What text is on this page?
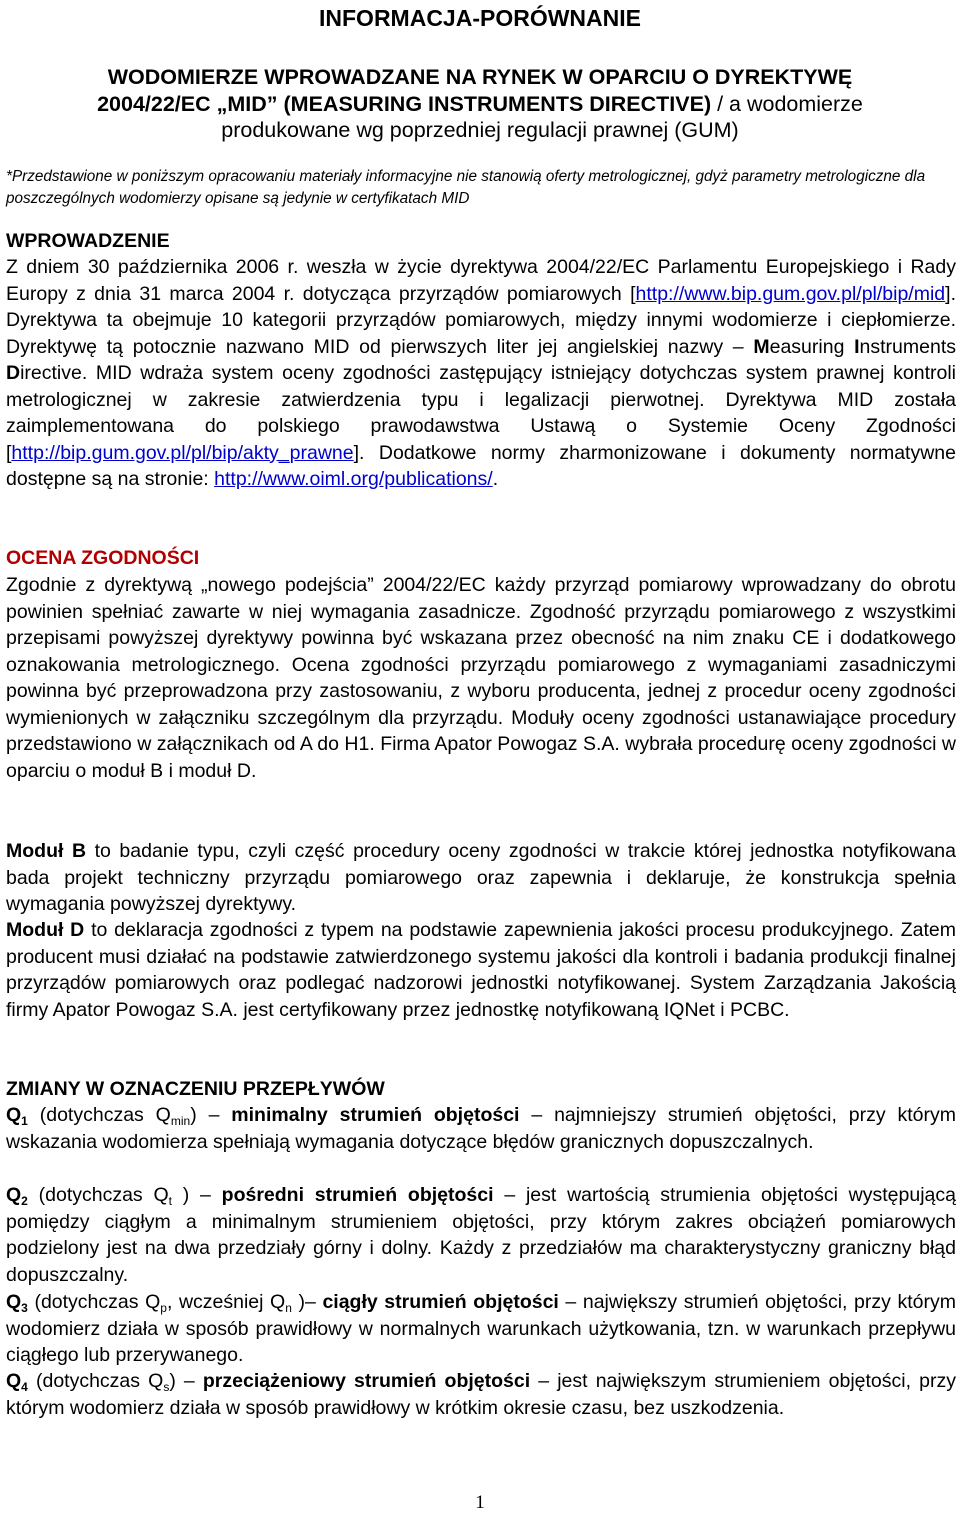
INFORMACJA-PORÓWNANIE
WODOMIERZE WPROWADZANE NA RYNEK W OPARCIU O DYREKTYWĘ
2004/22/EC „MID” (MEASURING INSTRUMENTS DIRECTIVE) / a wodomierze
produkowane wg poprzedniej regulacji prawnej (GUM)
*Przedstawione w poniższym opracowaniu materiały informacyjne nie stanowią oferty metrologicznej, gdyż parametry metrologiczne dla poszczególnych wodomierzy opisane są jedynie w certyfikatach MID
WPROWADZENIE
Z dniem 30 października 2006 r. weszła w życie dyrektywa 2004/22/EC Parlamentu Europejskiego i Rady Europy z dnia 31 marca 2004 r. dotycząca przyrządów pomiarowych [http://www.bip.gum.gov.pl/pl/bip/mid]. Dyrektywa ta obejmuje 10 kategorii przyrządów pomiarowych, między innymi wodomierze i ciepłomierze. Dyrektywę tą potocznie nazwano MID od pierwszych liter jej angielskiej nazwy – Measuring Instruments Directive. MID wdraża system oceny zgodności zastępujący istniejący dotychczas system prawnej kontroli metrologicznej w zakresie zatwierdzenia typu i legalizacji pierwotnej. Dyrektywa MID została zaimplementowana do polskiego prawodawstwa Ustawą o Systemie Oceny Zgodności [http://bip.gum.gov.pl/pl/bip/akty_prawne]. Dodatkowe normy zharmonizowane i dokumenty normatywne dostępne są na stronie: http://www.oiml.org/publications/.
OCENA ZGODNOŚCI
Zgodnie z dyrektywą „nowego podejścia” 2004/22/EC każdy przyrząd pomiarowy wprowadzany do obrotu powinien spełniać zawarte w niej wymagania zasadnicze. Zgodność przyrządu pomiarowego z wszystkimi przepisami powyższej dyrektywy powinna być wskazana przez obecność na nim znaku CE i dodatkowego oznakowania metrologicznego. Ocena zgodności przyrządu pomiarowego z wymaganiami zasadniczymi powinna być przeprowadzona przy zastosowaniu, z wyboru producenta, jednej z procedur oceny zgodności wymienionych w załączniku szczególnym dla przyrządu. Moduły oceny zgodności ustanawiające procedury przedstawiono w załącznikach od A do H1. Firma Apator Powogaz S.A. wybrała procedurę oceny zgodności w oparciu o moduł B i moduł D.
Moduł B to badanie typu, czyli część procedury oceny zgodności w trakcie której jednostka notyfikowana bada projekt techniczny przyrządu pomiarowego oraz zapewnia i deklaruje, że konstrukcja spełnia wymagania powyższej dyrektywy.
Moduł D to deklaracja zgodności z typem na podstawie zapewnienia jakości procesu produkcyjnego. Zatem producent musi działać na podstawie zatwierdzonego systemu jakości dla kontroli i badania produkcji finalnej przyrządów pomiarowych oraz podlegać nadzorowi jednostki notyfikowanej. System Zarządzania Jakością firmy Apator Powogaz S.A. jest certyfikowany przez jednostkę notyfikowaną IQNet i PCBC.
ZMIANY W OZNACZENIU PRZEPŁYWÓW
$Q_1$ (dotychczas $Q_{min}$) – minimalny strumień objętości – najmniejszy strumień objętości, przy którym wskazania wodomierza spełniają wymagania dotyczące błędów granicznych dopuszczalnych.
$Q_2$ (dotychczas $Q_t$ ) – pośredni strumień objętości – jest wartością strumienia objętości występującą pomiędzy ciągłym a minimalnym strumieniem objętości, przy którym zakres obciążeń pomiarowych podzielony jest na dwa przedziały górny i dolny. Każdy z przedziałów ma charakterystyczny graniczny błąd dopuszczalny.
$Q_3$ (dotychczas $Q_p$, wcześniej $Q_n$ )– ciągły strumień objętości – największy strumień objętości, przy którym wodomierz działa w sposób prawidłowy w normalnych warunkach użytkowania, tzn. w warunkach przepływu ciągłego lub przerywanego.
$Q_4$ (dotychczas $Q_s$) – przeciążeniowy strumień objętości – jest największym strumieniem objętości, przy którym wodomierz działa w sposób prawidłowy w krótkim okresie czasu, bez uszkodzenia.
1
